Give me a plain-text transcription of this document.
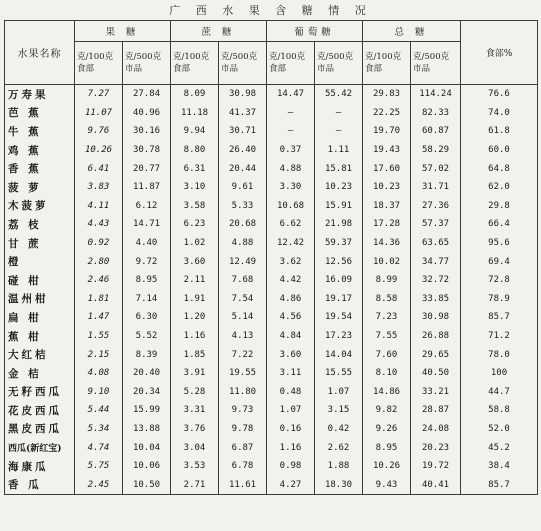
广 西 水 果 含 糖 情 况
水果名称	果 糖		蔗 糖		葡萄糖		总 糖		食部%
	克/100克 食部	克/500克 市品	克/100克 食部	克/500克 市品	克/100克 食部	克/500克 市品	克/100克 食部	克/500克 市品	
万寿果	7.27	27.84	8.09	30.98	14.47	55.42	29.83	114.24	76.6
芭 蕉	11.07	40.96	11.18	41.37	—	—	22.25	82.33	74.0
牛 蕉	9.76	30.16	9.94	30.71	—	—	19.70	60.87	61.8
鸡 蕉	10.26	30.78	8.80	26.40	0.37	1.11	19.43	58.29	60.0
香 蕉	6.41	20.77	6.31	20.44	4.88	15.81	17.60	57.02	64.8
菠 萝	3.83	11.87	3.10	9.61	3.30	10.23	10.23	31.71	62.0
木菠萝	4.11	6.12	3.58	5.33	10.68	15.91	18.37	27.36	29.8
荔 枝	4.43	14.71	6.23	20.68	6.62	21.98	17.28	57.37	66.4
甘 蔗	0.92	4.40	1.02	4.88	12.42	59.37	14.36	63.65	95.6
橙	2.80	9.72	3.60	12.49	3.62	12.56	10.02	34.77	69.4
碰 柑	2.46	8.95	2.11	7.68	4.42	16.09	8.99	32.72	72.8
温州柑	1.81	7.14	1.91	7.54	4.86	19.17	8.58	33.85	78.9
扁 柑	1.47	6.30	1.20	5.14	4.56	19.54	7.23	30.98	85.7
蕉 柑	1.55	5.52	1.16	4.13	4.84	17.23	7.55	26.88	71.2
大红桔	2.15	8.39	1.85	7.22	3.60	14.04	7.60	29.65	78.0
金 桔	4.08	20.40	3.91	19.55	3.11	15.55	8.10	40.50	100
无籽西瓜	9.10	20.34	5.28	11.80	0.48	1.07	14.86	33.21	44.7
花皮西瓜	5.44	15.99	3.31	9.73	1.07	3.15	9.82	28.87	58.8
黑皮西瓜	5.34	13.88	3.76	9.78	0.16	0.42	9.26	24.08	52.0
西瓜(新红宝)	4.74	10.04	3.04	6.87	1.16	2.62	8.95	20.23	45.2
海康瓜	5.75	10.06	3.53	6.78	0.98	1.88	10.26	19.72	38.4
香 瓜	2.45	10.50	2.71	11.61	4.27	18.30	9.43	40.41	85.7
